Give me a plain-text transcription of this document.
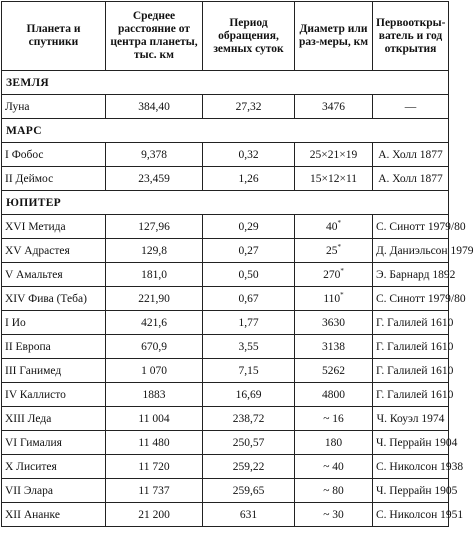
Планета и спутники	Среднее расстояние от центра планеты, тыс. км	Период обращения, земных суток	Диаметр или раз-меры, км	Первооткры-ватель и год открытия
ЗЕМЛЯ				
Луна	384,40	27,32	3476	—
МАРС				
I Фобос	9,378	0,32	25×21×19	А. Холл 1877
II Деймос	23,459	1,26	15×12×11	А. Холл 1877
ЮПИТЕР				
XVI Метида	127,96	0,29	40*	С. Синотт 1979/80
XV Адрастея	129,8	0,27	25*	Д. Даниэльсон 1979
V Амальтея	181,0	0,50	270*	Э. Барнард 1892
XIV Фива (Теба)	221,90	0,67	110*	С. Синотт 1979/80
I Ио	421,6	1,77	3630	Г. Галилей 1610
II Европа	670,9	3,55	3138	Г. Галилей 1610
III Ганимед	1 070	7,15	5262	Г. Галилей 1610
IV Каллисто	1883	16,69	4800	Г. Галилей 1610
XIII Леда	11 004	238,72	~ 16	Ч. Коуэл 1974
VI Гималия	11 480	250,57	180	Ч. Перрайн 1904
X Лиситея	11 720	259,22	~ 40	С. Николсон 1938
VII Элара	11 737	259,65	~ 80	Ч. Перрайн 1905
XII Ананке	21 200	631	~ 30	С. Николсон 1951
